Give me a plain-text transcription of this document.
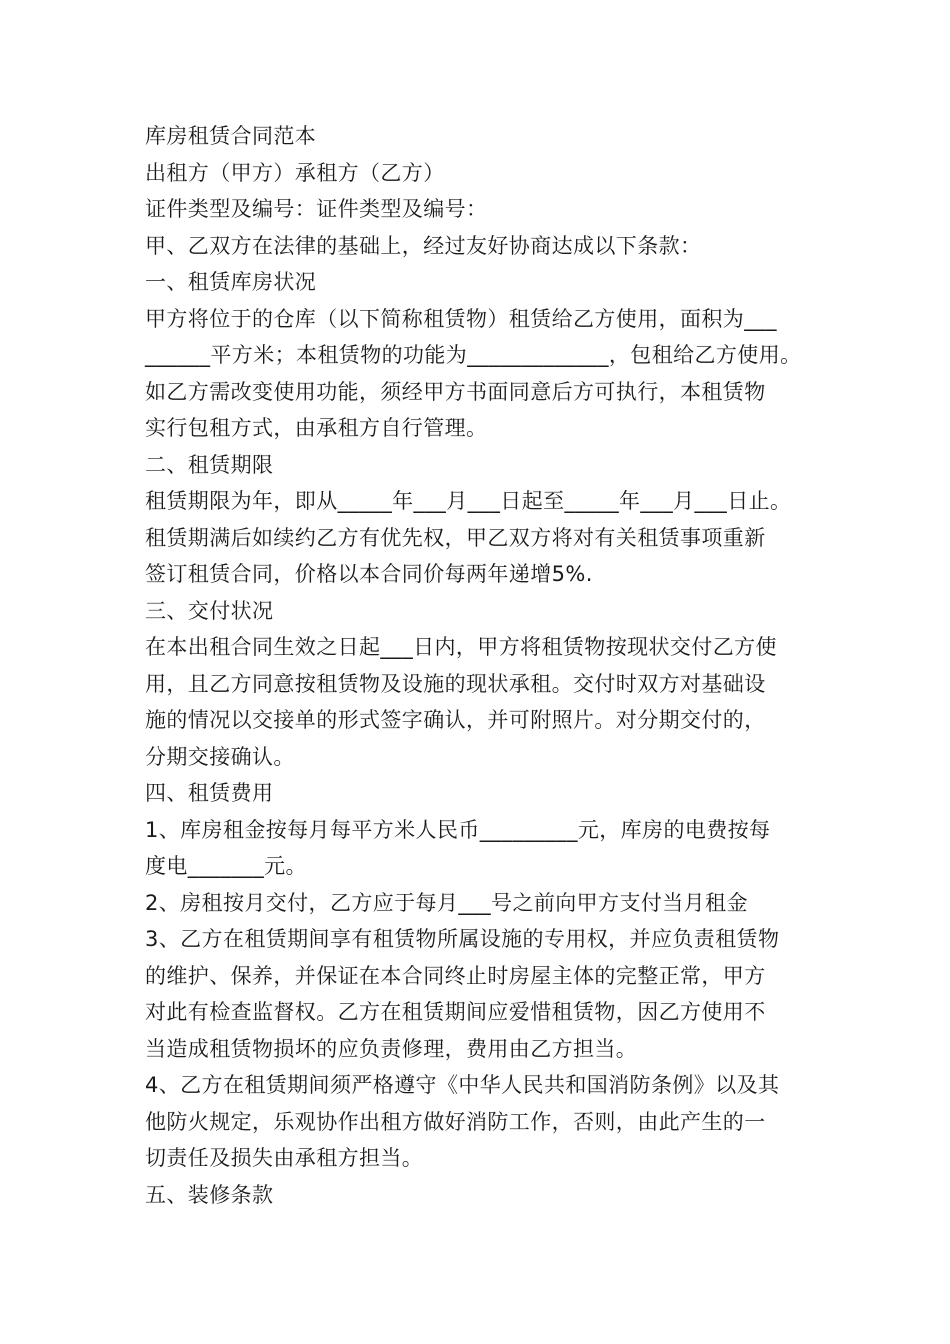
库房租赁合同范本
出租方（甲方）承租方（乙方）
证件类型及编号：证件类型及编号：
甲、乙双方在法律的基础上，经过友好协商达成以下条款：
一、租赁库房状况
甲方将位于的仓库（以下简称租赁物）租赁给乙方使用，面积为___
______平方米；本租赁物的功能为_____________，包租给乙方使用。
如乙方需改变使用功能，须经甲方书面同意后方可执行，本租赁物
实行包租方式，由承租方自行管理。
二、租赁期限
租赁期限为年，即从_____年___月___日起至_____年___月___日止。
租赁期满后如续约乙方有优先权，甲乙双方将对有关租赁事项重新
签订租赁合同，价格以本合同价每两年递增5%.
三、交付状况
在本出租合同生效之日起___日内，甲方将租赁物按现状交付乙方使
用，且乙方同意按租赁物及设施的现状承租。交付时双方对基础设
施的情况以交接单的形式签字确认，并可附照片。对分期交付的，
分期交接确认。
四、租赁费用
1、库房租金按每月每平方米人民币_________元，库房的电费按每
度电_______元。
2、房租按月交付，乙方应于每月___号之前向甲方支付当月租金
3、乙方在租赁期间享有租赁物所属设施的专用权，并应负责租赁物
的维护、保养，并保证在本合同终止时房屋主体的完整正常，甲方
对此有检查监督权。乙方在租赁期间应爱惜租赁物，因乙方使用不
当造成租赁物损坏的应负责修理，费用由乙方担当。
4、乙方在租赁期间须严格遵守《中华人民共和国消防条例》以及其
他防火规定，乐观协作出租方做好消防工作，否则，由此产生的一
切责任及损失由承租方担当。
五、装修条款
